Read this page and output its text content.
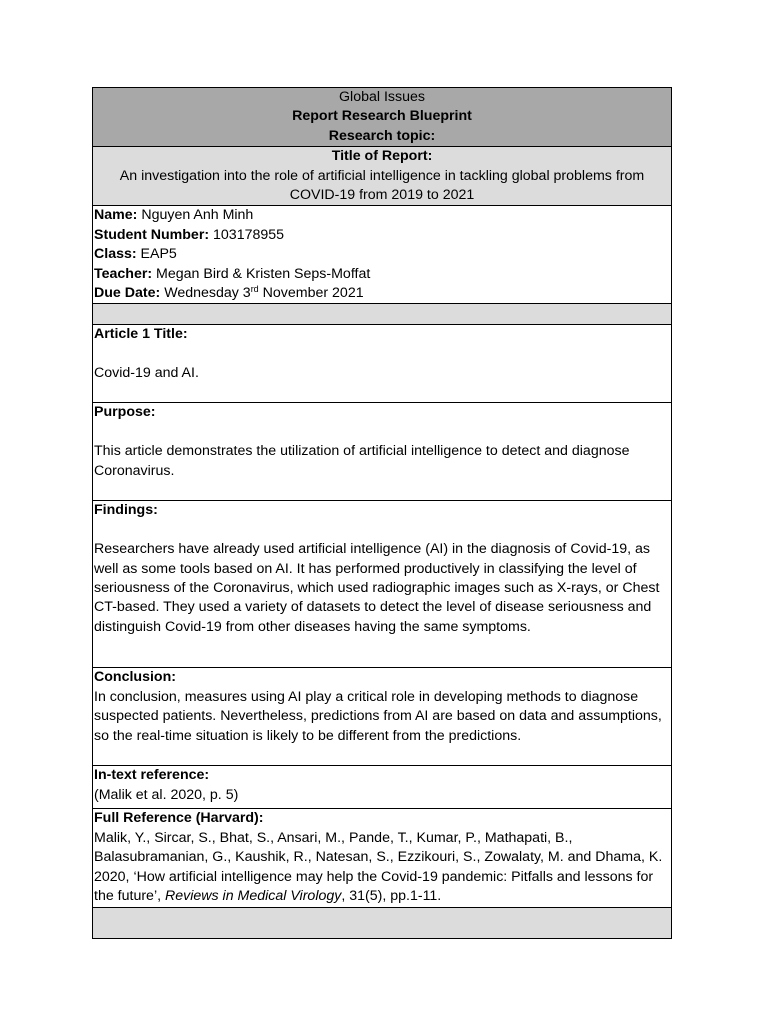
Global Issues
Report Research Blueprint
Research topic:
Title of Report:
An investigation into the role of artificial intelligence in tackling global problems from COVID-19 from 2019 to 2021
Name: Nguyen Anh Minh
Student Number: 103178955
Class: EAP5
Teacher: Megan Bird & Kristen Seps-Moffat
Due Date: Wednesday 3rd November 2021
Article 1 Title:
Covid-19 and AI.
Purpose:
This article demonstrates the utilization of artificial intelligence to detect and diagnose Coronavirus.
Findings:
Researchers have already used artificial intelligence (AI) in the diagnosis of Covid-19, as well as some tools based on AI. It has performed productively in classifying the level of seriousness of the Coronavirus, which used radiographic images such as X-rays, or Chest CT-based. They used a variety of datasets to detect the level of disease seriousness and distinguish Covid-19 from other diseases having the same symptoms.
Conclusion:
In conclusion, measures using AI play a critical role in developing methods to diagnose suspected patients. Nevertheless, predictions from AI are based on data and assumptions, so the real-time situation is likely to be different from the predictions.
In-text reference:
(Malik et al. 2020, p. 5)
Full Reference (Harvard):
Malik, Y., Sircar, S., Bhat, S., Ansari, M., Pande, T., Kumar, P., Mathapati, B., Balasubramanian, G., Kaushik, R., Natesan, S., Ezzikouri, S., Zowalaty, M. and Dhama, K. 2020, ‘How artificial intelligence may help the Covid-19 pandemic: Pitfalls and lessons for the future’, Reviews in Medical Virology, 31(5), pp.1-11.
